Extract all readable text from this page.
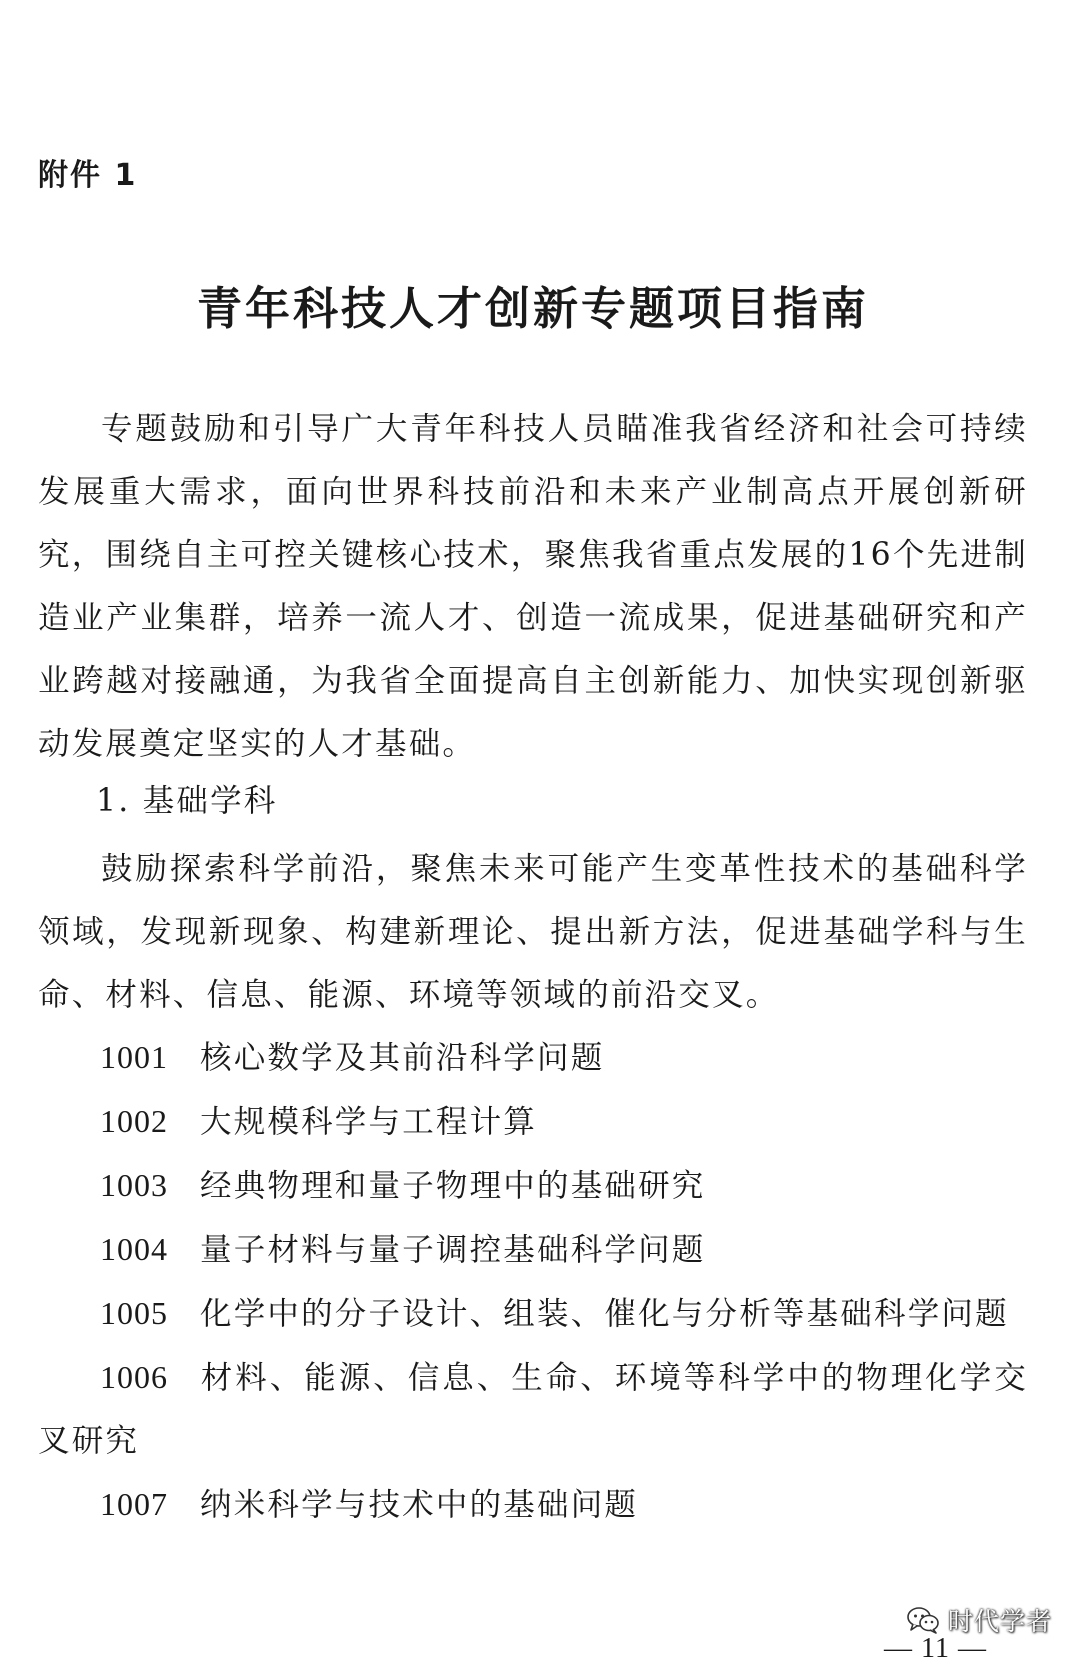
附件 1
青年科技人才创新专题项目指南

专题鼓励和引导广大青年科技人员瞄准我省经济和社会可持续发展重大需求，面向世界科技前沿和未来产业制高点开展创新研究，围绕自主可控关键核心技术，聚焦我省重点发展的16个先进制造业产业集群，培养一流人才、创造一流成果，促进基础研究和产业跨越对接融通，为我省全面提高自主创新能力、加快实现创新驱动发展奠定坚实的人才基础。

1. 基础学科

鼓励探索科学前沿，聚焦未来可能产生变革性技术的基础科学领域，发现新现象、构建新理论、提出新方法，促进基础学科与生命、材料、信息、能源、环境等领域的前沿交叉。

1001 核心数学及其前沿科学问题
1002 大规模科学与工程计算
1003 经典物理和量子物理中的基础研究
1004 量子材料与量子调控基础科学问题
1005 化学中的分子设计、组装、催化与分析等基础科学问题
1006 材料、能源、信息、生命、环境等科学中的物理化学交叉研究
1007 纳米科学与技术中的基础问题
— 11 —
时代学者
